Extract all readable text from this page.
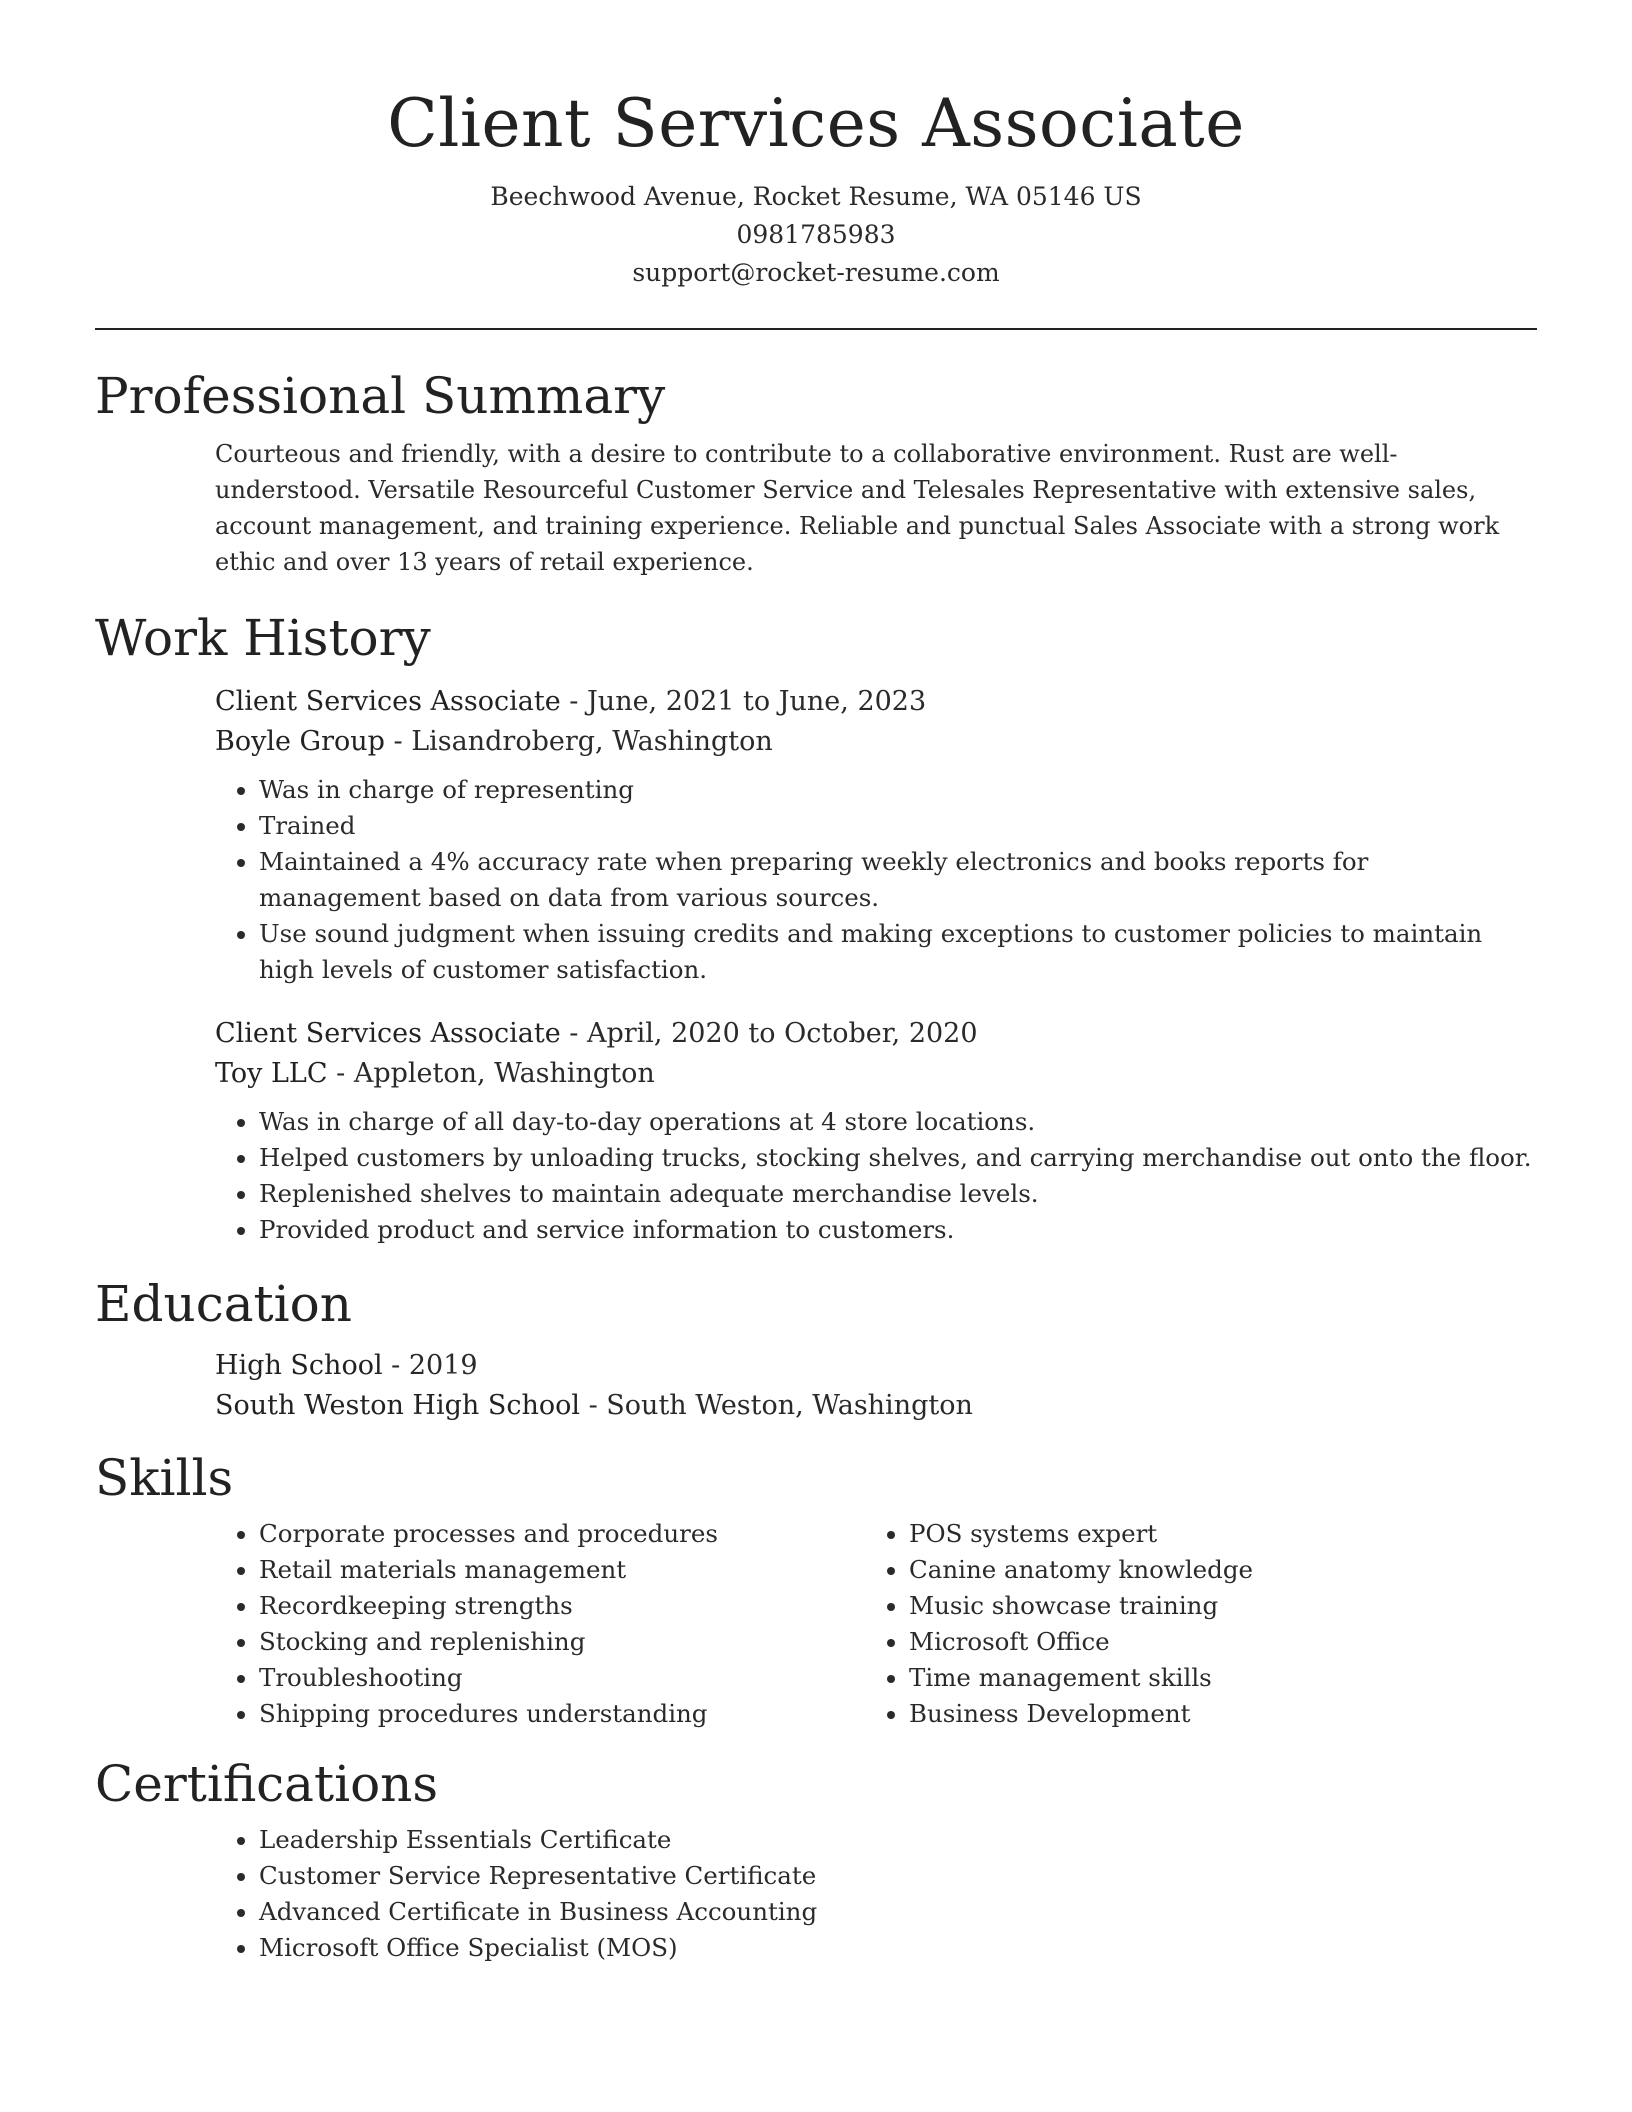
Client Services Associate
Beechwood Avenue, Rocket Resume, WA 05146 US
0981785983
support@rocket-resume.com
Professional Summary

Courteous and friendly, with a desire to contribute to a collaborative environment. Rust are well-understood. Versatile Resourceful Customer Service and Telesales Representative with extensive sales, account management, and training experience. Reliable and punctual Sales Associate with a strong work ethic and over 13 years of retail experience.

Work History
Client Services Associate - June, 2021 to June, 2023
Boyle Group - Lisandroberg, Washington
• Was in charge of representing
• Trained
• Maintained a 4% accuracy rate when preparing weekly electronics and books reports for management based on data from various sources.
• Use sound judgment when issuing credits and making exceptions to customer policies to maintain high levels of customer satisfaction.
Client Services Associate - April, 2020 to October, 2020
Toy LLC - Appleton, Washington
• Was in charge of all day-to-day operations at 4 store locations.
• Helped customers by unloading trucks, stocking shelves, and carrying merchandise out onto the floor.
• Replenished shelves to maintain adequate merchandise levels.
• Provided product and service information to customers.
Education
High School - 2019
South Weston High School - South Weston, Washington
Skills
• Corporate processes and procedures
• Retail materials management
• Recordkeeping strengths
• Stocking and replenishing
• Troubleshooting
• Shipping procedures understanding
• POS systems expert
• Canine anatomy knowledge
• Music showcase training
• Microsoft Office
• Time management skills
• Business Development
Certifications
• Leadership Essentials Certificate
• Customer Service Representative Certificate
• Advanced Certificate in Business Accounting
• Microsoft Office Specialist (MOS)
